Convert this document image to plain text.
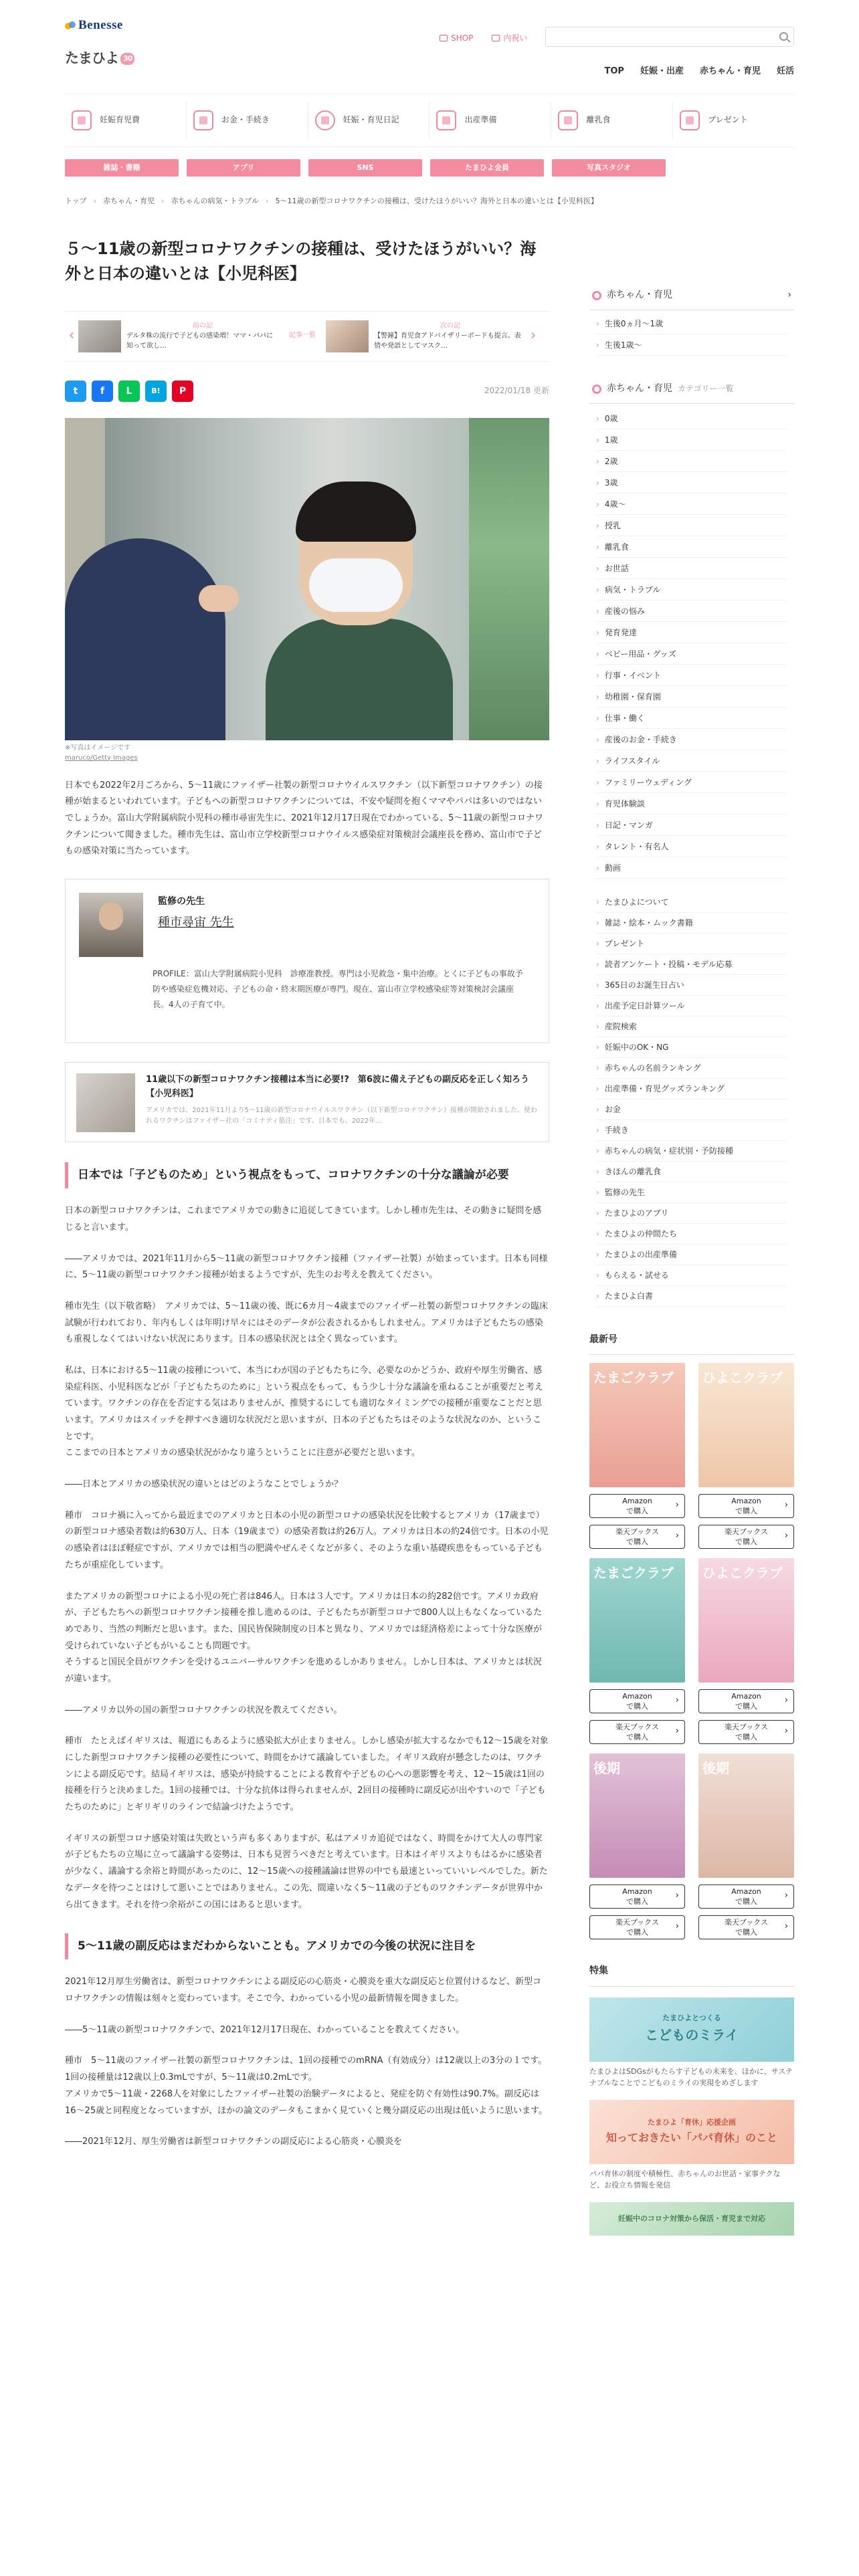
Benesse
たまひよ 30
SHOP	内祝い
TOP 妊娠・出産 赤ちゃん・育児 妊活
妊娠育児費	お金・手続き	妊娠・育児日記	出産準備	離乳食	プレゼント
雑誌・書籍	アプリ	SNS	たまひよ会員	写真スタジオ
トップ › 赤ちゃん・育児 › 赤ちゃんの病気・トラブル › 5〜11歳の新型コロナワクチンの接種は、受けたほうがいい？海外と日本の違いとは【小児科医】
５〜11歳の新型コロナワクチンの接種は、受けたほうがいい？海外と日本の違いとは【小児科医】
‹
前の記
デルタ株の流行で子どもの感染増！ママ・パパに知って欲し…
記事一覧
次の記
【警鐘】育児食アドバイザリーボードも提言。表情や発語としてマスク…
›
t	f	L	B!	P	2022/01/18 更新
※写真はイメージです
maruco/Getty Images

日本でも2022年2月ごろから、5〜11歳にファイザー社製の新型コロナウイルスワクチン（以下新型コロナワクチン）の接種が始まるといわれています。子どもへの新型コロナワクチンについては、不安や疑問を抱くママやパパは多いのではないでしょうか。富山大学附属病院小児科の種市尋宙先生に、2021年12月17日現在でわかっている、5〜11歳の新型コロナワクチンについて聞きました。種市先生は、富山市立学校新型コロナウイルス感染症対策検討会議座長を務め、富山市で子どもの感染対策に当たっています。

監修の先生
種市尋宙 先生
PROFILE：富山大学附属病院小児科　診療准教授。専門は小児救急・集中治療。とくに子どもの事故予防や感染症危機対応、子どもの命・終末期医療が専門。現在、富山市立学校感染症等対策検討会議座長。4人の子育て中。
11歳以下の新型コロナワクチン接種は本当に必要!?　第6波に備え子どもの副反応を正しく知ろう【小児科医】
アメリカでは、2021年11月より5〜11歳の新型コロナウイルスワクチン（以下新型コロナワクチン）接種が開始されました。使われるワクチンはファイザー社の「コミナティ筋注」です。日本でも、2022年…
日本では「子どものため」という視点をもって、コロナワクチンの十分な議論が必要

日本の新型コロナワクチンは、これまでアメリカでの動きに追従してきています。しかし種市先生は、その動きに疑問を感じると言います。

――アメリカでは、2021年11月から5〜11歳の新型コロナワクチン接種（ファイザー社製）が始まっています。日本も同様に、5〜11歳の新型コロナワクチン接種が始まるようですが、先生のお考えを教えてください。

種市先生（以下敬省略）　アメリカでは、5〜11歳の後、既に6カ月〜4歳までのファイザー社製の新型コロナワクチンの臨床試験が行われており、年内もしくは年明け早々にはそのデータが公表されるかもしれません。アメリカは子どもたちの感染も重視しなくてはいけない状況にあります。日本の感染状況とは全く異なっています。

私は、日本における5〜11歳の接種について、本当にわが国の子どもたちに今、必要なのかどうか、政府や厚生労働省、感染症科医、小児科医などが「子どもたちのために」という視点をもって、もう少し十分な議論を重ねることが重要だと考えています。ワクチンの存在を否定する気はありませんが、推奨するにしても適切なタイミングでの接種が重要なことだと思います。アメリカはスイッチを押すべき適切な状況だと思いますが、日本の子どもたちはそのような状況なのか、ということです。
ここまでの日本とアメリカの感染状況がかなり違うということに注意が必要だと思います。

――日本とアメリカの感染状況の違いとはどのようなことでしょうか？

種市　コロナ禍に入ってから最近までのアメリカと日本の小児の新型コロナの感染状況を比較するとアメリカ（17歳まで）の新型コロナ感染者数は約630万人、日本（19歳まで）の感染者数は約26万人。アメリカは日本の約24倍です。日本の小児の感染者はほぼ軽症ですが、アメリカでは相当の肥満やぜんそくなどが多く、そのような重い基礎疾患をもっている子どもたちが重症化しています。

またアメリカの新型コロナによる小児の死亡者は846人。日本は３人です。アメリカは日本の約282倍です。アメリカ政府が、子どもたちへの新型コロナワクチン接種を推し進めるのは、子どもたちが新型コロナで800人以上もなくなっているためであり、当然の判断だと思います。また、国民皆保険制度の日本と異なり、アメリカでは経済格差によって十分な医療が受けられていない子どもがいることも問題です。
そうすると国民全員がワクチンを受けるユニバーサルワクチンを進めるしかありません。しかし日本は、アメリカとは状況が違います。

――アメリカ以外の国の新型コロナワクチンの状況を教えてください。

種市　たとえばイギリスは、報道にもあるように感染拡大が止まりません。しかし感染が拡大するなかでも12〜15歳を対象にした新型コロナワクチン接種の必要性について、時間をかけて議論していました。イギリス政府が懸念したのは、ワクチンによる副反応です。結局イギリスは、感染が持続することによる教育や子どもの心への悪影響を考え、12〜15歳は1回の接種を行うと決めました。1回の接種では、十分な抗体は得られませんが、2回目の接種時に副反応が出やすいので「子どもたちのために」とギリギリのラインで結論づけたようです。

イギリスの新型コロナ感染対策は失敗という声も多くありますが、私はアメリカ追従ではなく、時間をかけて大人の専門家が子どもたちの立場に立って議論する姿勢は、日本も見習うべきだと考えています。日本はイギリスよりもはるかに感染者が少なく、議論する余裕と時間があったのに、12〜15歳への接種議論は世界の中でも最速といっていいレベルでした。新たなデータを待つことはけして悪いことではありません。この先、間違いなく5〜11歳の子どものワクチンデータが世界中から出てきます。それを待つ余裕がこの国にはあると思います。

5〜11歳の副反応はまだわからないことも。アメリカでの今後の状況に注目を

2021年12月厚生労働省は、新型コロナワクチンによる副反応の心筋炎・心膜炎を重大な副反応と位置付けるなど、新型コロナワクチンの情報は刻々と変わっています。そこで今、わかっている小児の最新情報を聞きました。

――5〜11歳の新型コロナワクチンで、2021年12月17日現在、わかっていることを教えてください。

種市　5〜11歳のファイザー社製の新型コロナワクチンは、1回の接種でのmRNA（有効成分）は12歳以上の3分の１です。1回の接種量は12歳以上0.3mLですが、5〜11歳は0.2mLです。
アメリカで5〜11歳・2268人を対象にしたファイザー社製の治験データによると、発症を防ぐ有効性は90.7%。副反応は16〜25歳と同程度となっていますが、ほかの論文のデータもこまかく見ていくと幾分副反応の出現は低いように思います。

――2021年12月、厚生労働省は新型コロナワクチンの副反応による心筋炎・心膜炎を

赤ちゃん・育児	›
› 生後0ヵ月〜1歳
› 生後1歳〜
赤ちゃん・育児 カテゴリー一覧
› 0歳
› 1歳
› 2歳
› 3歳
› 4歳〜
› 授乳
› 離乳食
› お世話
› 病気・トラブル
› 産後の悩み
› 発育発達
› ベビー用品・グッズ
› 行事・イベント
› 幼稚園・保育園
› 仕事・働く
› 産後のお金・手続き
› ライフスタイル
› ファミリーウェディング
› 育児体験談
› 日記・マンガ
› タレント・有名人
› 動画
› たまひよについて
› 雑誌・絵本・ムック書籍
› プレゼント
› 読者アンケート・投稿・モデル応募
› 365日のお誕生日占い
› 出産予定日計算ツール
› 産院検索
› 妊娠中のOK・NG
› 赤ちゃんの名前ランキング
› 出産準備・育児グッズランキング
› お金
› 手続き
› 赤ちゃんの病気・症状別・予防接種
› きほんの離乳食
› 監修の先生
› たまひよのアプリ
› たまひよの仲間たち
› たまひよの出産準備
› もらえる・試せる
› たまひよ白書
最新号
たまごクラブ
Amazon
で購入 ›
楽天ブックス
で購入 ›
ひよこクラブ
Amazon
で購入 ›
楽天ブックス
で購入 ›
たまごクラブ
Amazon
で購入 ›
楽天ブックス
で購入 ›
ひよこクラブ
Amazon
で購入 ›
楽天ブックス
で購入 ›
後期
Amazon
で購入 ›
楽天ブックス
で購入 ›
後期
Amazon
で購入 ›
楽天ブックス
で購入 ›
特集
たまひよとつくる
こどものミライ
たまひよはSDGsがもたらす子どもの未来を、ほかに、サステナブルなことでこどものミライの実現をめざします
たまひよ「育休」応援企画
知っておきたい「パパ育休」のこと
パパ育休の制度や積極性、赤ちゃんのお世話・家事テクなど、お役立ち情報を発信
妊娠中のコロナ対策から保活・育児まで対応
